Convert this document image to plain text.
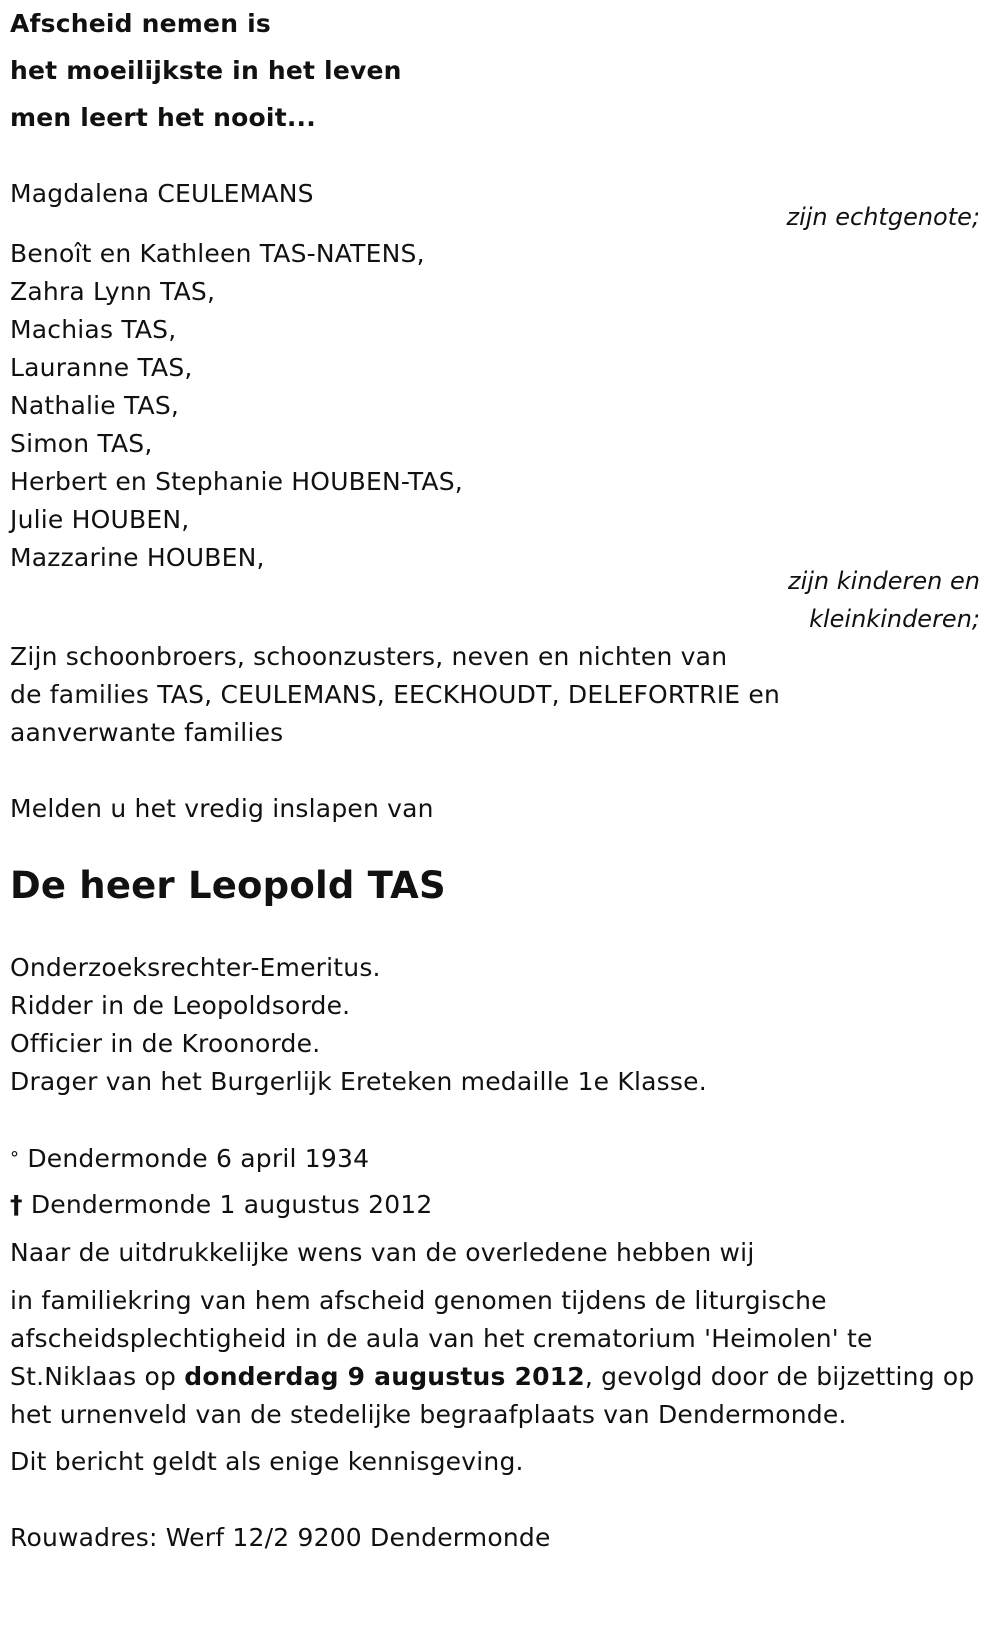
Afscheid nemen is
het moeilijkste in het leven
men leert het nooit...
Magdalena CEULEMANS
zijn echtgenote;
Benoît en Kathleen TAS-NATENS,
Zahra Lynn TAS,
Machias TAS,
Lauranne TAS,
Nathalie TAS,
Simon TAS,
Herbert en Stephanie HOUBEN-TAS,
Julie HOUBEN,
Mazzarine HOUBEN,
zijn kinderen en
kleinkinderen;
Zijn schoonbroers, schoonzusters, neven en nichten van
de families TAS, CEULEMANS, EECKHOUDT, DELEFORTRIE en
aanverwante families
Melden u het vredig inslapen van
De heer Leopold TAS
Onderzoeksrechter-Emeritus.
Ridder in de Leopoldsorde.
Officier in de Kroonorde.
Drager van het Burgerlijk Ereteken medaille 1e Klasse.
° Dendermonde 6 april 1934
† Dendermonde 1 augustus 2012
Naar de uitdrukkelijke wens van de overledene hebben wij
in familiekring van hem afscheid genomen tijdens de liturgische
afscheidsplechtigheid in de aula van het crematorium 'Heimolen' te
St.Niklaas op donderdag 9 augustus 2012, gevolgd door de bijzetting op
het urnenveld van de stedelijke begraafplaats van Dendermonde.
Dit bericht geldt als enige kennisgeving.
Rouwadres: Werf 12/2 9200 Dendermonde
